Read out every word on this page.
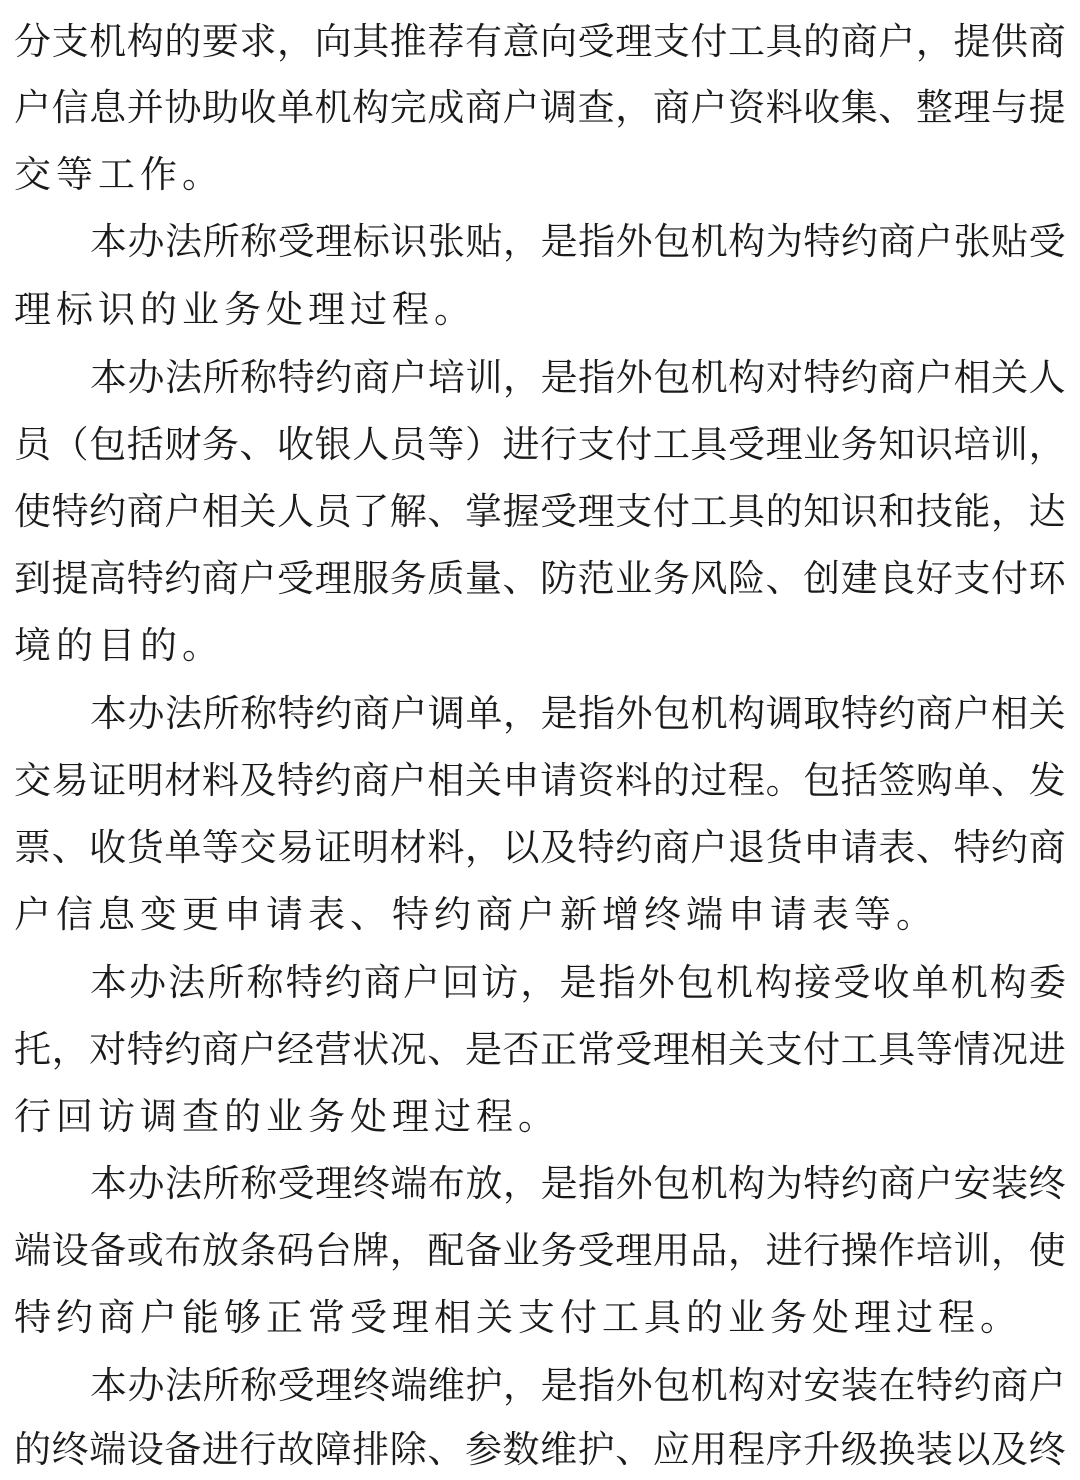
分 支 机 构 的 要 求 ， 向 其 推 荐 有 意 向 受 理 支 付 工 具 的 商 户 ， 提 供 商
户 信 息 并 协 助 收 单 机 构 完 成 商 户 调 查 ， 商 户 资 料 收 集 、 整 理 与 提
交 等 工 作 。
本 办 法 所 称 受 理 标 识 张 贴 ， 是 指 外 包 机 构 为 特 约 商 户 张 贴 受
理 标 识 的 业 务 处 理 过 程 。
本 办 法 所 称 特 约 商 户 培 训 ， 是 指 外 包 机 构 对 特 约 商 户 相 关 人
员 （ 包 括 财 务 、 收 银 人 员 等 ） 进 行 支 付 工 具 受 理 业 务 知 识 培 训 ，
使 特 约 商 户 相 关 人 员 了 解 、 掌 握 受 理 支 付 工 具 的 知 识 和 技 能 ， 达
到 提 高 特 约 商 户 受 理 服 务 质 量 、 防 范 业 务 风 险 、 创 建 良 好 支 付 环
境 的 目 的 。
本 办 法 所 称 特 约 商 户 调 单 ， 是 指 外 包 机 构 调 取 特 约 商 户 相 关
交 易 证 明 材 料 及 特 约 商 户 相 关 申 请 资 料 的 过 程 。 包 括 签 购 单 、 发
票 、 收 货 单 等 交 易 证 明 材 料 ， 以 及 特 约 商 户 退 货 申 请 表 、 特 约 商
户 信 息 变 更 申 请 表 、 特 约 商 户 新 增 终 端 申 请 表 等 。
本 办 法 所 称 特 约 商 户 回 访 ， 是 指 外 包 机 构 接 受 收 单 机 构 委
托 ， 对 特 约 商 户 经 营 状 况 、 是 否 正 常 受 理 相 关 支 付 工 具 等 情 况 进
行 回 访 调 查 的 业 务 处 理 过 程 。
本 办 法 所 称 受 理 终 端 布 放 ， 是 指 外 包 机 构 为 特 约 商 户 安 装 终
端 设 备 或 布 放 条 码 台 牌 ， 配 备 业 务 受 理 用 品 ， 进 行 操 作 培 训 ， 使
特 约 商 户 能 够 正 常 受 理 相 关 支 付 工 具 的 业 务 处 理 过 程 。
本 办 法 所 称 受 理 终 端 维 护 ， 是 指 外 包 机 构 对 安 装 在 特 约 商 户
的 终 端 设 备 进 行 故 障 排 除 、 参 数 维 护 、 应 用 程 序 升 级 换 装 以 及 终
